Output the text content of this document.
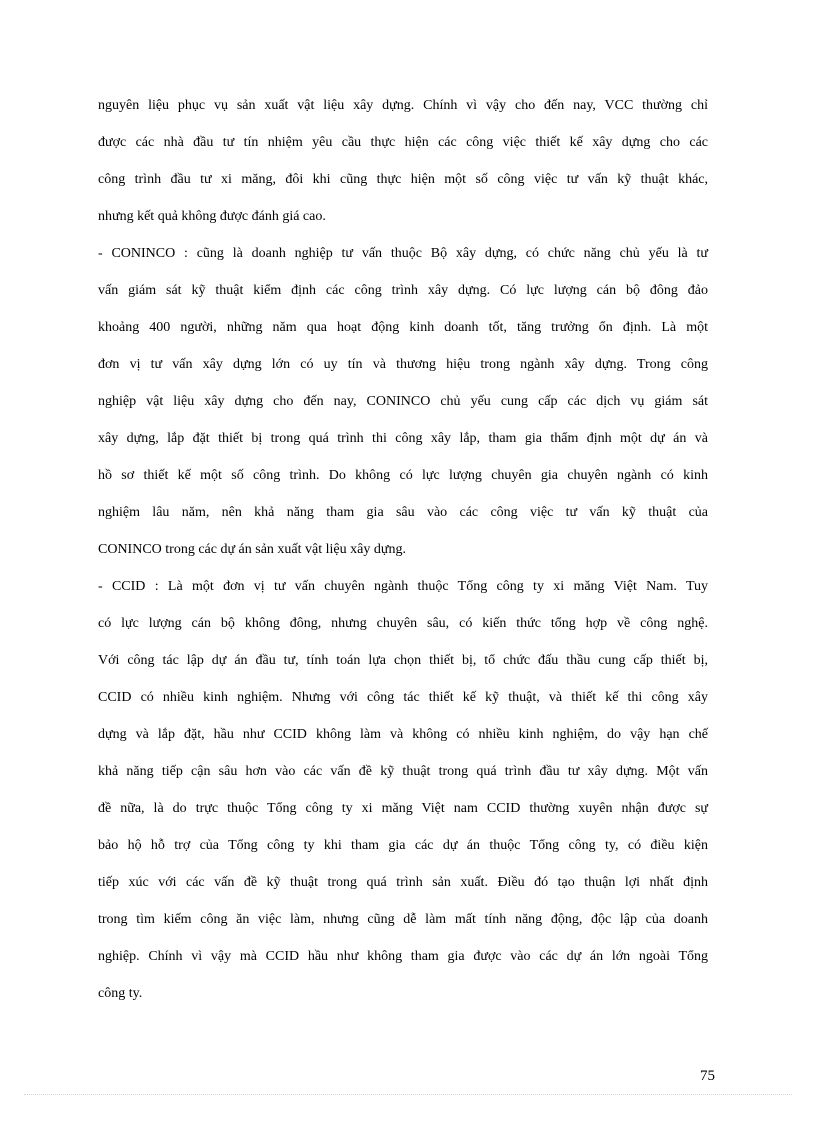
nguyên liệu phục vụ sản xuất vật liệu xây dựng. Chính vì vậy cho đến nay, VCC thường chỉ
được các nhà đầu tư tín nhiệm yêu cầu thực hiện các công việc thiết kế xây dựng cho các
công trình đầu tư xi măng, đôi khi cũng thực hiện một số công việc tư vấn kỹ thuật khác,
nhưng kết quả không được đánh giá cao.
- CONINCO : cũng là doanh nghiệp tư vấn thuộc Bộ xây dựng, có chức năng chủ yếu là tư
vấn giám sát kỹ thuật kiểm định các công trình xây dựng. Có lực lượng cán bộ đông đảo
khoảng 400 người, những năm qua hoạt động kinh doanh tốt, tăng trưởng ổn định. Là một
đơn vị tư vấn xây dựng lớn có uy tín và thương hiệu trong ngành xây dựng. Trong công
nghiệp vật liệu xây dựng cho đến nay, CONINCO chủ yếu cung cấp các dịch vụ giám sát
xây dựng, lắp đặt thiết bị trong quá trình thi công xây lắp, tham gia thẩm định một dự án và
hồ sơ thiết kế một số công trình. Do không có lực lượng chuyên gia chuyên ngành có kinh
nghiệm lâu năm, nên khả năng tham gia sâu vào các công việc tư vấn kỹ thuật của
CONINCO trong các dự án sản xuất vật liệu xây dựng.
- CCID : Là một đơn vị tư vấn chuyên ngành thuộc Tổng công ty xi măng Việt Nam. Tuy
có lực lượng cán bộ không đông, nhưng chuyên sâu, có kiến thức tổng hợp về công nghệ.
Với công tác lập dự án đầu tư, tính toán lựa chọn thiết bị, tổ chức đấu thầu cung cấp thiết bị,
CCID có nhiều kinh nghiệm. Nhưng với công tác thiết kế kỹ thuật, và thiết kế thi công xây
dựng và lắp đặt, hầu như CCID không làm và không có nhiều kinh nghiệm, do vậy hạn chế
khả năng tiếp cận sâu hơn vào các vấn đề kỹ thuật trong quá trình đầu tư xây dựng. Một vấn
đề nữa, là do trực thuộc Tổng công ty xi măng Việt nam CCID thường xuyên nhận được sự
bảo hộ hỗ trợ của Tổng công ty khi tham gia các dự án thuộc Tổng công ty, có điều kiện
tiếp xúc với các vấn đề kỹ thuật trong quá trình sản xuất. Điều đó tạo thuận lợi nhất định
trong tìm kiếm công ăn việc làm, nhưng cũng dễ làm mất tính năng động, độc lập của doanh
nghiệp. Chính vì vậy mà CCID hầu như không tham gia được vào các dự án lớn ngoài Tổng
công ty.
75
